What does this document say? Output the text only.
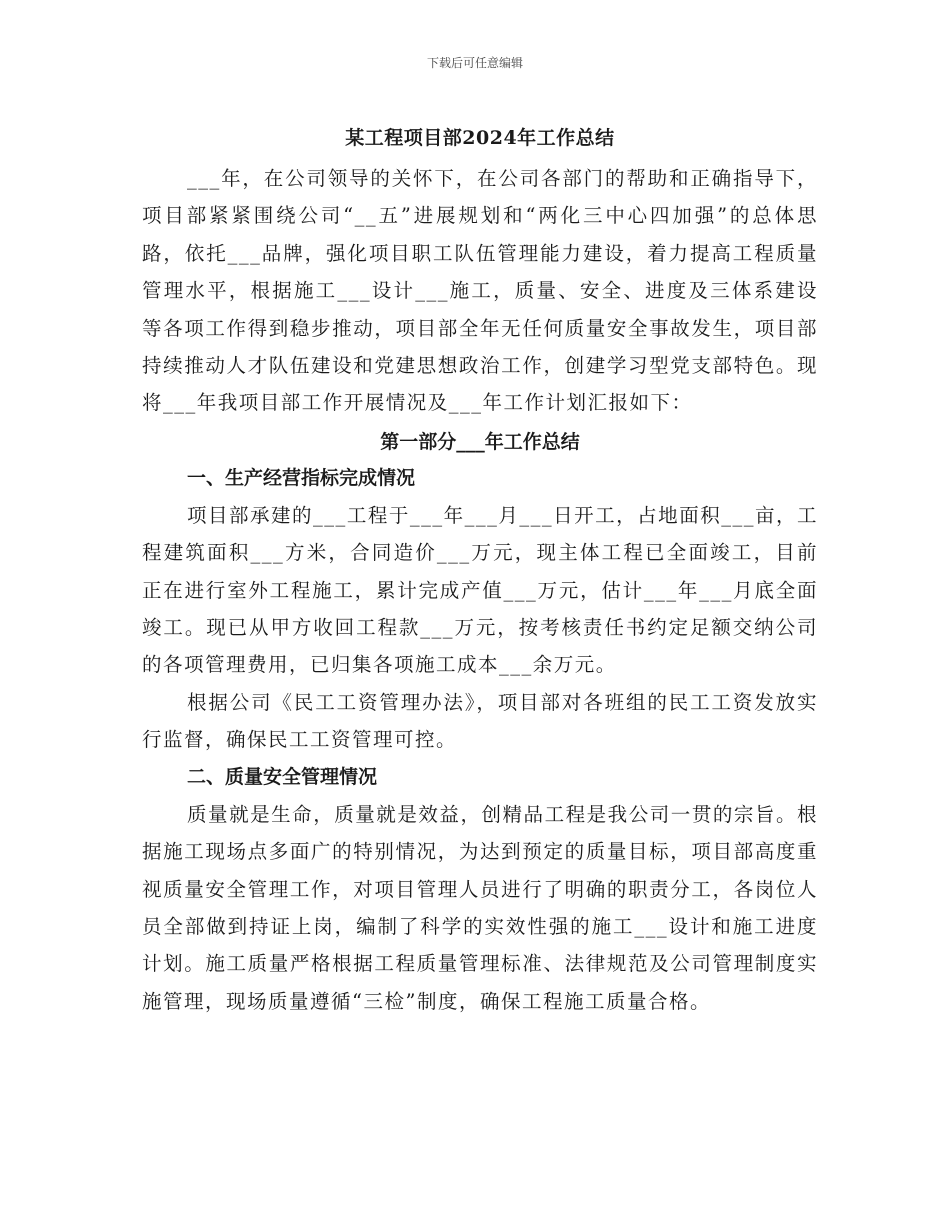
下载后可任意编辑
某工程项目部2024年工作总结

___年，在公司领导的关怀下，在公司各部门的帮助和正确指导下，项目部紧紧围绕公司“__五”进展规划和“两化三中心四加强”的总体思路，依托___品牌，强化项目职工队伍管理能力建设，着力提高工程质量管理水平，根据施工___设计___施工，质量、安全、进度及三体系建设等各项工作得到稳步推动，项目部全年无任何质量安全事故发生，项目部持续推动人才队伍建设和党建思想政治工作，创建学习型党支部特色。现将___年我项目部工作开展情况及___年工作计划汇报如下：

第一部分___年工作总结
一、生产经营指标完成情况

项目部承建的___工程于___年___月___日开工，占地面积___亩，工程建筑面积___方米，合同造价___万元，现主体工程已全面竣工，目前正在进行室外工程施工，累计完成产值___万元，估计___年___月底全面竣工。现已从甲方收回工程款___万元，按考核责任书约定足额交纳公司的各项管理费用，已归集各项施工成本___余万元。

根据公司《民工工资管理办法》，项目部对各班组的民工工资发放实行监督，确保民工工资管理可控。

二、质量安全管理情况

质量就是生命，质量就是效益，创精品工程是我公司一贯的宗旨。根据施工现场点多面广的特别情况，为达到预定的质量目标，项目部高度重视质量安全管理工作，对项目管理人员进行了明确的职责分工，各岗位人员全部做到持证上岗，编制了科学的实效性强的施工___设计和施工进度计划。施工质量严格根据工程质量管理标准、法律规范及公司管理制度实施管理，现场质量遵循“三检”制度，确保工程施工质量合格。
